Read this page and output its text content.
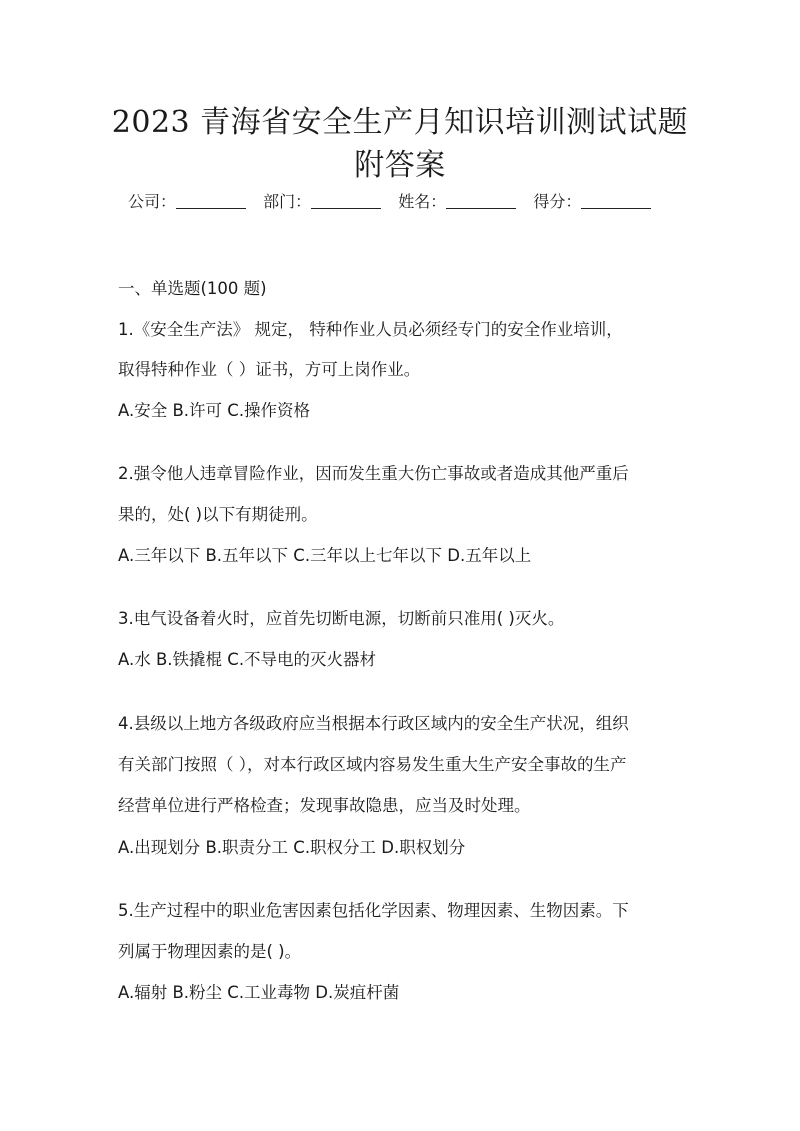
2023 青海省安全生产月知识培训测试试题
附答案
公司：	部门：	姓名：	得分：
一、单选题(100 题)
1.《安全生产法》 规定， 特种作业人员必须经专门的安全作业培训，
取得特种作业（ ）证书，方可上岗作业。
A.安全 B.许可 C.操作资格
2.强令他人违章冒险作业，因而发生重大伤亡事故或者造成其他严重后
果的，处( )以下有期徒刑。
A.三年以下 B.五年以下 C.三年以上七年以下 D.五年以上
3.电气设备着火时，应首先切断电源，切断前只准用( )灭火。
A.水 B.铁撬棍 C.不导电的灭火器材
4.县级以上地方各级政府应当根据本行政区域内的安全生产状况，组织
有关部门按照（ ），对本行政区域内容易发生重大生产安全事故的生产
经营单位进行严格检查；发现事故隐患，应当及时处理。
A.出现划分 B.职责分工 C.职权分工 D.职权划分
5.生产过程中的职业危害因素包括化学因素、物理因素、生物因素。下
列属于物理因素的是( )。
A.辐射 B.粉尘 C.工业毒物 D.炭疽杆菌
